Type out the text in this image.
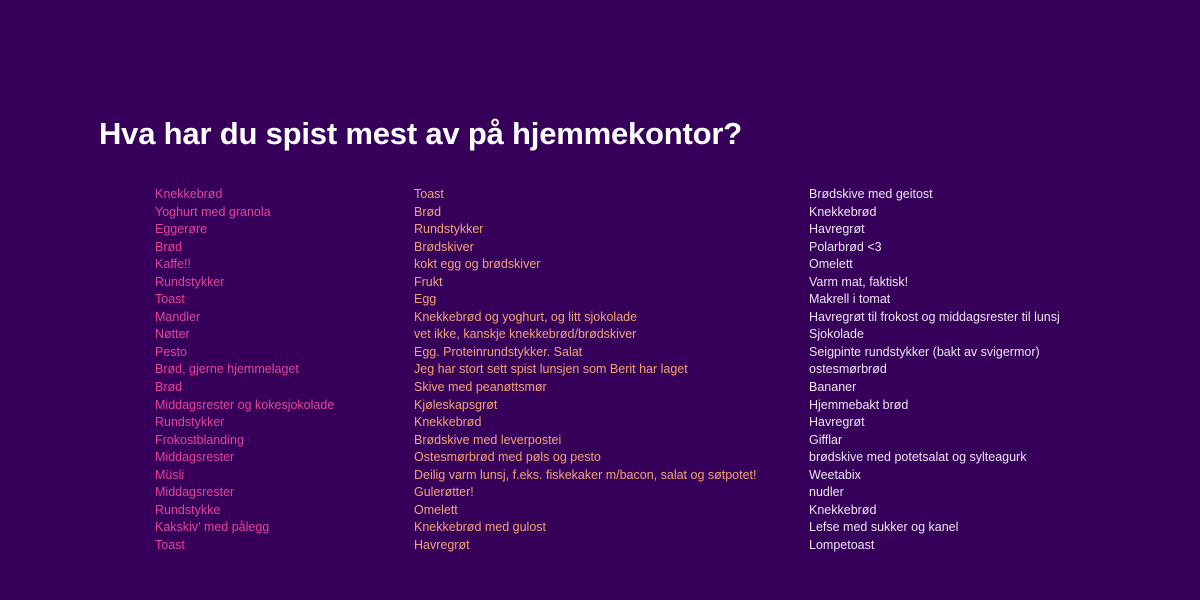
Hva har du spist mest av på hjemmekontor?
Knekkebrød
Yoghurt med granola
Eggerøre
Brød
Kaffe!!
Rundstykker
Toast
Mandler
Nøtter
Pesto
Brød, gjerne hjemmelaget
Brød
Middagsrester og kokesjokolade
Rundstykker
Frokostblanding
Middagsrester
Müsli
Middagsrester
Rundstykke
Kakskiv' med pålegg
Toast
Toast
Brød
Rundstykker
Brødskiver
kokt egg og brødskiver
Frukt
Egg
Knekkebrød og yoghurt, og litt sjokolade
vet ikke, kanskje knekkebrød/brødskiver
Egg. Proteinrundstykker. Salat
Jeg har stort sett spist lunsjen som Berit har laget
Skive med peanøttsmør
Kjøleskapsgrøt
Knekkebrød
Brødskive med leverpostei
Ostesmørbrød med pøls og pesto
Deilig varm lunsj, f.eks. fiskekaker m/bacon, salat og søtpotet!
Gulerøtter!
Omelett
Knekkebrød med gulost
Havregrøt
Brødskive med geitost
Knekkebrød
Havregrøt
Polarbrød <3
Omelett
Varm mat, faktisk!
Makrell i tomat
Havregrøt til frokost og middagsrester til lunsj
Sjokolade
Seigpinte rundstykker (bakt av svigermor)
ostesmørbrød
Bananer
Hjemmebakt brød
Havregrøt
Gifflar
brødskive med potetsalat og sylteagurk
Weetabix
nudler
Knekkebrød
Lefse med sukker og kanel
Lompetoast
